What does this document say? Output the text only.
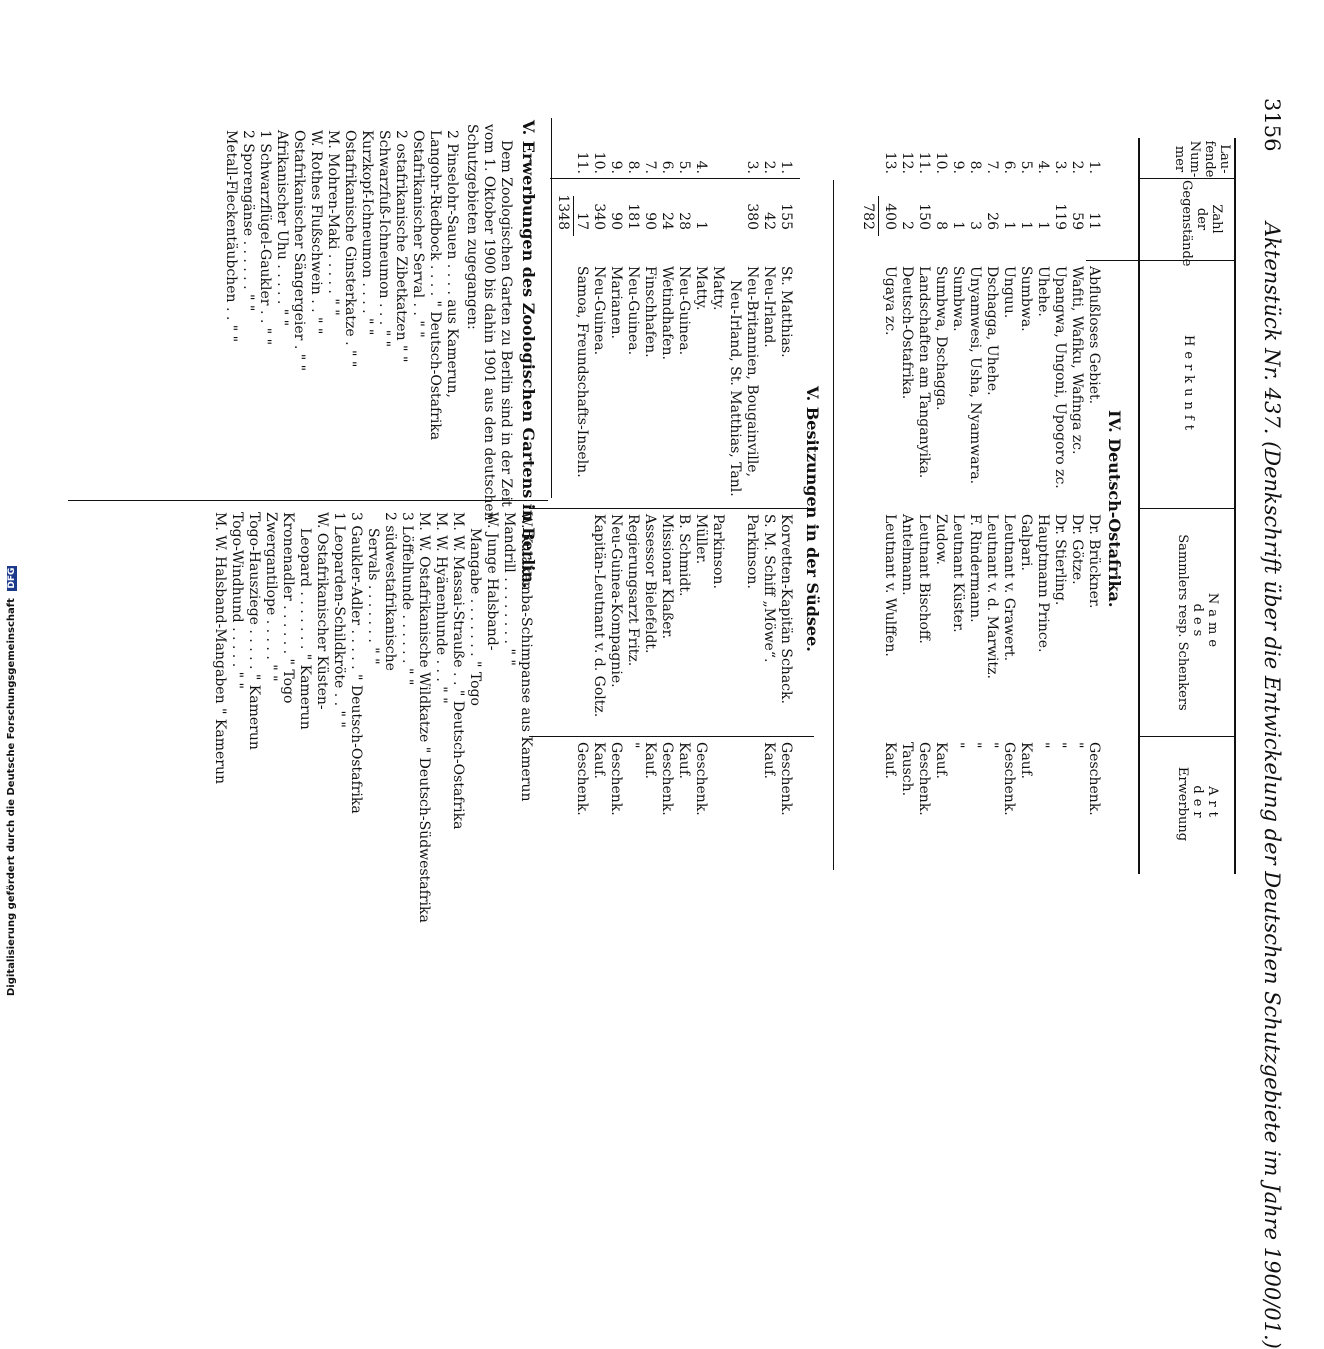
3156
Aktenstück Nr. 437. (Denkschrift über die Entwickelung der Deutschen Schutzgebiete im Jahre 1900/01.)
Lau-
fende
Num-
mer
Zahl
der
Gegenstände
Herkunft
Name
des
Sammlers resp. Schenkers
Art
der
Erwerbung
IV. Deutsch-Ostafrika.
1.
2.
3.
4.
5.
6.
7.
8.
9.
10.
11.
12.
13.
11
59
119
1
1
1
26
3
1
8
150
2
400
Abflußloses Gebiet.
Wafiti, Wafiku, Wafinga zc.
Upangwa, Ungoni, Upogoro zc.
Uhehe.
Sumbwa.
Unguu.
Dschagga, Uhehe.
Unyamwesi, Usha, Nyamwara.
Sumbwa.
Sumbwa, Dschagga.
Landschaften am Tanganyika.
Deutsch-Ostafrika.
Ugaya zc.
Dr. Brückner.
Dr. Götze.
Dr. Stierling.
Hauptmann Prince.
Galpari.
Leutnant v. Grawert.
Leutnant v. d. Marwitz.
F. Rindermann.
Leutnant Küster.
Zudow.
Leutnant Bischoff.
Antelmann.
Leutnant v. Wulffen.
Geschenk.
"
"
"
Kauf.
Geschenk.
"
"
"
Kauf.
Geschenk.
Tausch.
Kauf.
782
V. Besitzungen in der Südsee.
1.
2.
3.
4.
5.
6.
7.
8.
9.
10.
11.
155
42
380
1
28
24
90
181
90
340
17
St. Matthias.
Neu-Irland.
Neu-Britannien, Bougainville,
Neu-Irland, St. Matthias, Tanl.
Matty.
Matty.
Neu-Guinea.
Wetindhafen.
Finschhafen.
Neu-Guinea.
Marianen.
Neu-Guinea.
Samoa, Freundschafts-Inseln.
Korvetten-Kapitän Schack.
S. M. Schiff „Möwe“.
Parkinson.
Parkinson.
Müller.
B. Schmidt.
Missionar Klaßer.
Assessor Bielefeldt.
Regierungsarzt Fritz.
Neu-Guinea-Kompagnie.
Kapitän-Leutnant v. d. Goltz.
Geschenk.
Kauf.
Geschenk.
Kauf.
Geschenk.
Kauf.
"
Geschenk.
Kauf.
Geschenk.
1348
V. Erwerbungen des Zoologischen Gartens in Berlin.
Dem Zoologischen Garten zu Berlin sind in der Zeit
vom 1. Oktober 1900 bis dahin 1901 aus den deutschen
Schutzgebieten zugegangen:
2 Pinselohr-Sauen . . . . aus Kamerun,
Langohr-Riedbock . . . . " Deutsch-Ostafrika
Ostafrikanischer Serval . . " "
2 ostafrikanische Zibetkatzen " "
Schwarzfuß-Ichneumon . . . " "
Kurzkopf-Ichneumon . . . . " "
Ostafrikanische Ginsterkatze . " "
M. Mohren-Maki . . . . . " "
W. Rothes Flußschwein . . " "
Ostafrikanischer Sängergeier . " "
Afrikanischer Uhu . . . . . " "
1 Schwarzflügel-Gaukler . . " "
2 Sporengänse . . . . . . " "
Metall-Fleckentäubchen . . " "
W. Kulakamba-Schimpanse aus Kamerun
Mandrill . . . . . . . . " "
W. Junge Halsband-
Mangabe . . . . . . . " Togo
M. W. Massai-Strauße . . " Deutsch-Ostafrika
M. W. Hyänenhunde . . . " "
M. W. Ostafrikanische Wildkatze " Deutsch-Südwestafrika
3 Löffelhunde . . . . . . " "
2 südwestafrikanische
Servals . . . . . . . " "
3 Gaukler-Adler . . . . . " Deutsch-Ostafrika
1 Leoparden-Schildkröte . . " "
W. Ostafrikanischer Küsten-
Leopard . . . . . . . " Kamerun
Kronenadler . . . . . . " Togo
Zwergantilope . . . . . " "
Togo-Hausziege . . . . . " Kamerun
Togo-Windhund . . . . . " "
M. W. Halsband-Mangaben " Kamerun
Digitalisierung gefördert durch die Deutsche Forschungsgemeinschaft DFG
